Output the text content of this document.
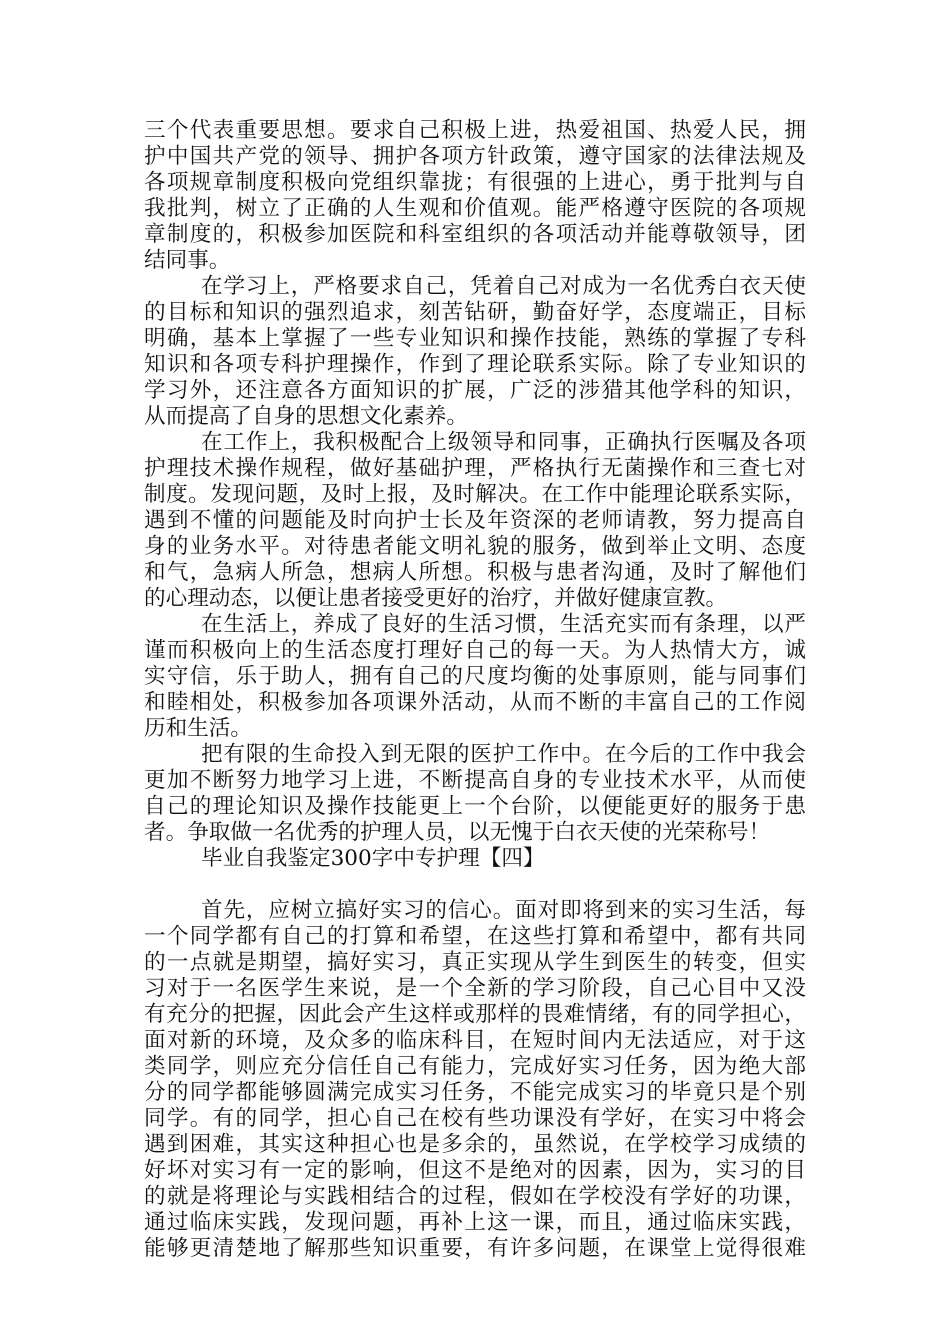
三个代表重要思想。要求自己积极上进，热爱祖国、热爱人民，拥
护中国共产党的领导、拥护各项方针政策，遵守国家的法律法规及
各项规章制度积极向党组织靠拢；有很强的上进心，勇于批判与自
我批判，树立了正确的人生观和价值观。能严格遵守医院的各项规
章制度的，积极参加医院和科室组织的各项活动并能尊敬领导，团
结同事。
在学习上，严格要求自己，凭着自己对成为一名优秀白衣天使
的目标和知识的强烈追求，刻苦钻研，勤奋好学，态度端正，目标
明确，基本上掌握了一些专业知识和操作技能，熟练的掌握了专科
知识和各项专科护理操作，作到了理论联系实际。除了专业知识的
学习外，还注意各方面知识的扩展，广泛的涉猎其他学科的知识，
从而提高了自身的思想文化素养。
在工作上，我积极配合上级领导和同事，正确执行医嘱及各项
护理技术操作规程，做好基础护理，严格执行无菌操作和三查七对
制度。发现问题，及时上报，及时解决。在工作中能理论联系实际，
遇到不懂的问题能及时向护士长及年资深的老师请教，努力提高自
身的业务水平。对待患者能文明礼貌的服务，做到举止文明、态度
和气，急病人所急，想病人所想。积极与患者沟通，及时了解他们
的心理动态，以便让患者接受更好的治疗，并做好健康宣教。
在生活上，养成了良好的生活习惯，生活充实而有条理，以严
谨而积极向上的生活态度打理好自己的每一天。为人热情大方，诚
实守信，乐于助人，拥有自己的尺度均衡的处事原则，能与同事们
和睦相处，积极参加各项课外活动，从而不断的丰富自己的工作阅
历和生活。
把有限的生命投入到无限的医护工作中。在今后的工作中我会
更加不断努力地学习上进，不断提高自身的专业技术水平，从而使
自己的理论知识及操作技能更上一个台阶，以便能更好的服务于患
者。争取做一名优秀的护理人员，以无愧于白衣天使的光荣称号！
毕业自我鉴定300字中专护理【四】
首先，应树立搞好实习的信心。面对即将到来的实习生活，每
一个同学都有自己的打算和希望，在这些打算和希望中，都有共同
的一点就是期望，搞好实习，真正实现从学生到医生的转变，但实
习对于一名医学生来说，是一个全新的学习阶段，自己心目中又没
有充分的把握，因此会产生这样或那样的畏难情绪，有的同学担心，
面对新的环境，及众多的临床科目，在短时间内无法适应，对于这
类同学，则应充分信任自己有能力，完成好实习任务，因为绝大部
分的同学都能够圆满完成实习任务，不能完成实习的毕竟只是个别
同学。有的同学，担心自己在校有些功课没有学好，在实习中将会
遇到困难，其实这种担心也是多余的，虽然说，在学校学习成绩的
好坏对实习有一定的影响，但这不是绝对的因素，因为，实习的目
的就是将理论与实践相结合的过程，假如在学校没有学好的功课，
通过临床实践，发现问题，再补上这一课，而且，通过临床实践，
能够更清楚地了解那些知识重要，有许多问题，在课堂上觉得很难
